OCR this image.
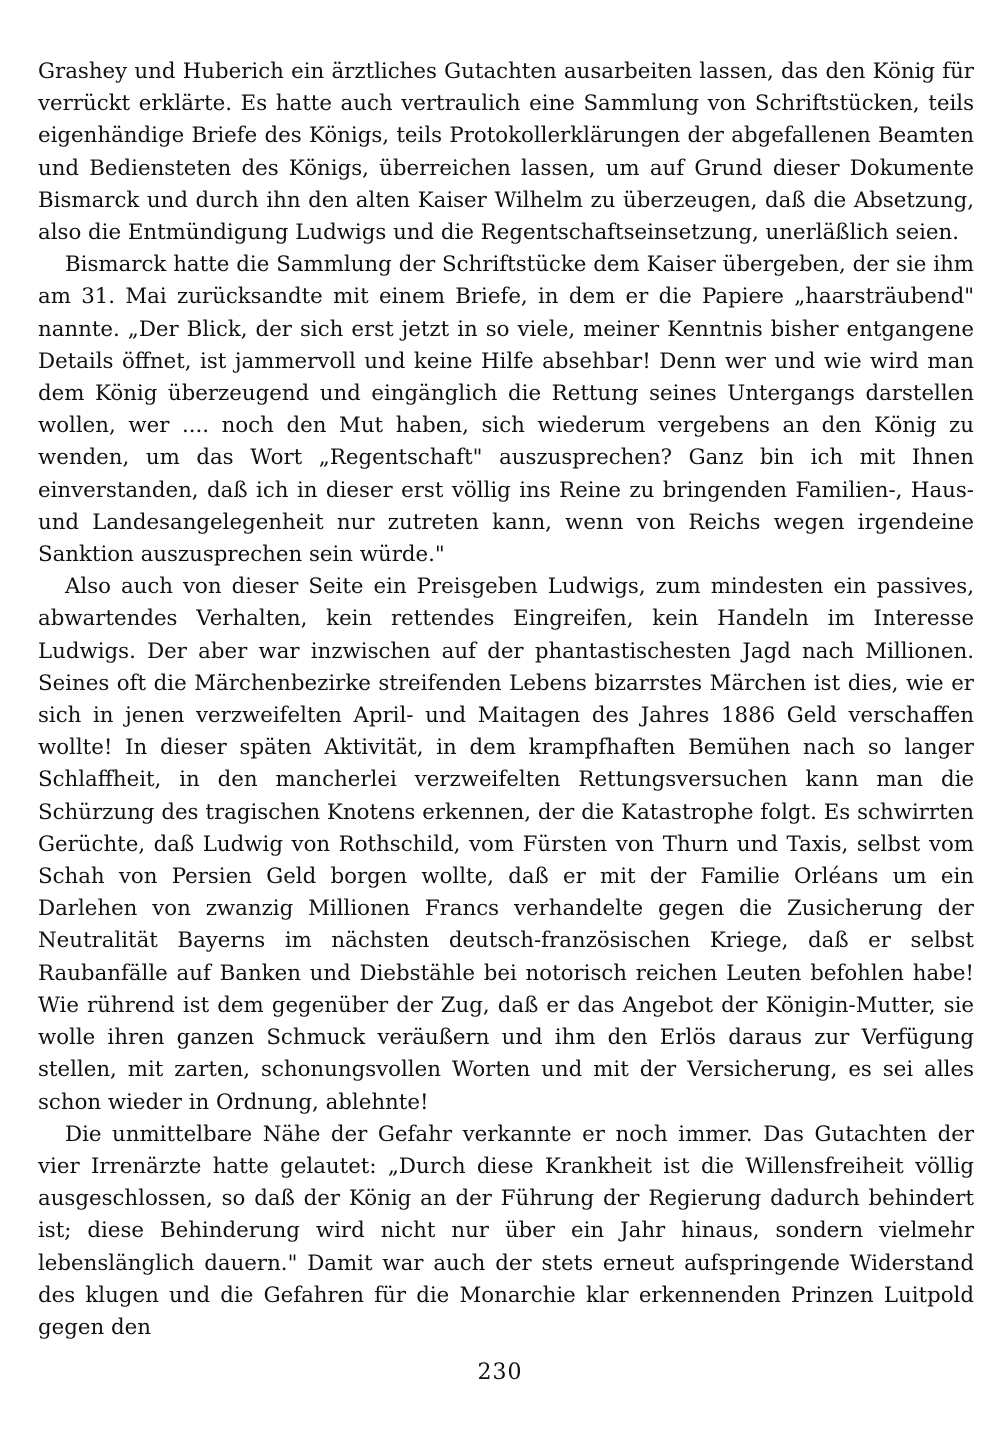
Grashey und Huberich ein ärztliches Gutachten ausarbeiten lassen, das den König für verrückt erklärte. Es hatte auch vertraulich eine Sammlung von Schriftstücken, teils eigenhändige Briefe des Königs, teils Protokollerklärungen der abgefallenen Beamten und Bediensteten des Königs, überreichen lassen, um auf Grund dieser Dokumente Bismarck und durch ihn den alten Kaiser Wilhelm zu überzeugen, daß die Absetzung, also die Entmündigung Ludwigs und die Regentschaftseinsetzung, unerläßlich seien.

Bismarck hatte die Sammlung der Schriftstücke dem Kaiser übergeben, der sie ihm am 31. Mai zurücksandte mit einem Briefe, in dem er die Papiere „haarsträubend" nannte. „Der Blick, der sich erst jetzt in so viele, meiner Kenntnis bisher entgangene Details öffnet, ist jammervoll und keine Hilfe absehbar! Denn wer und wie wird man dem König überzeugend und eingänglich die Rettung seines Untergangs darstellen wollen, wer .... noch den Mut haben, sich wiederum vergebens an den König zu wenden, um das Wort „Regentschaft" auszusprechen? Ganz bin ich mit Ihnen einverstanden, daß ich in dieser erst völlig ins Reine zu bringenden Familien-, Haus- und Landesangelegenheit nur zutreten kann, wenn von Reichs wegen irgendeine Sanktion auszusprechen sein würde."

Also auch von dieser Seite ein Preisgeben Ludwigs, zum mindesten ein passives, abwartendes Verhalten, kein rettendes Eingreifen, kein Handeln im Interesse Ludwigs. Der aber war inzwischen auf der phantastischesten Jagd nach Millionen. Seines oft die Märchenbezirke streifenden Lebens bizarrstes Märchen ist dies, wie er sich in jenen verzweifelten April- und Maitagen des Jahres 1886 Geld verschaffen wollte! In dieser späten Aktivität, in dem krampfhaften Bemühen nach so langer Schlaffheit, in den mancherlei verzweifelten Rettungsversuchen kann man die Schürzung des tragischen Knotens erkennen, der die Katastrophe folgt. Es schwirrten Gerüchte, daß Ludwig von Rothschild, vom Fürsten von Thurn und Taxis, selbst vom Schah von Persien Geld borgen wollte, daß er mit der Familie Orléans um ein Darlehen von zwanzig Millionen Francs verhandelte gegen die Zusicherung der Neutralität Bayerns im nächsten deutsch-französischen Kriege, daß er selbst Raubanfälle auf Banken und Diebstähle bei notorisch reichen Leuten befohlen habe! Wie rührend ist dem gegenüber der Zug, daß er das Angebot der Königin-Mutter, sie wolle ihren ganzen Schmuck veräußern und ihm den Erlös daraus zur Verfügung stellen, mit zarten, schonungsvollen Worten und mit der Versicherung, es sei alles schon wieder in Ordnung, ablehnte!

Die unmittelbare Nähe der Gefahr verkannte er noch immer. Das Gutachten der vier Irrenärzte hatte gelautet: „Durch diese Krankheit ist die Willensfreiheit völlig ausgeschlossen, so daß der König an der Führung der Regierung dadurch behindert ist; diese Behinderung wird nicht nur über ein Jahr hinaus, sondern vielmehr lebenslänglich dauern." Damit war auch der stets erneut aufspringende Widerstand des klugen und die Gefahren für die Monarchie klar erkennenden Prinzen Luitpold gegen den

230
